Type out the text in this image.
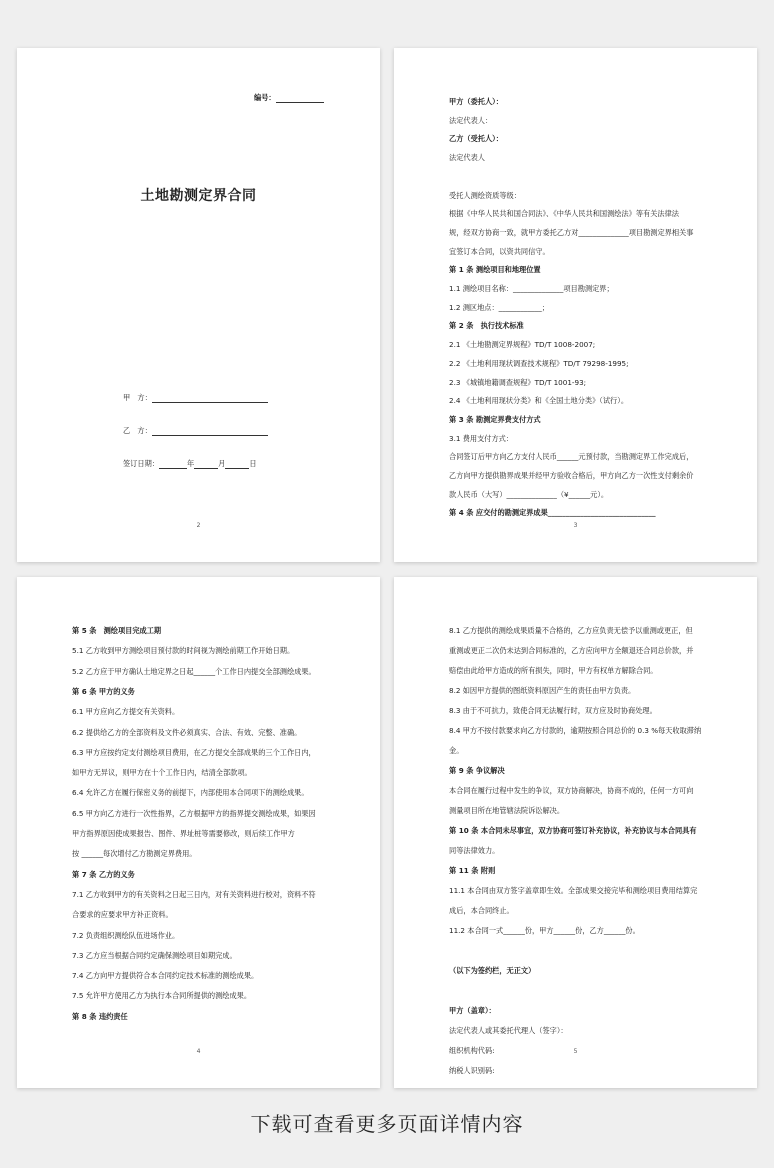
编号：
土地勘测定界合同
甲　方：
乙　方：
签订日期：	年	月	日
2
甲方（委托人）：
法定代表人：
乙方（受托人）：
法定代表人
受托人测绘资质等级：
根据《中华人民共和国合同法》、《中华人民共和国测绘法》等有关法律法
规，经双方协商一致，就甲方委托乙方对______________项目勘测定界相关事
宜签订本合同，以资共同信守。
第 1 条 测绘项目和地理位置
1.1 测绘项目名称：______________项目勘测定界；
1.2 测区地点：____________；
第 2 条　执行技术标准
2.1 《土地勘测定界规程》TD/T 1008-2007;
2.2 《土地利用现状调查技术规程》TD/T 79298-1995;
2.3 《城镇地籍调查规程》TD/T 1001-93;
2.4 《土地利用现状分类》和《全国土地分类》（试行）。
第 3 条 勘测定界费支付方式
3.1 费用支付方式：
合同签订后甲方向乙方支付人民币______元预付款，当勘测定界工作完成后，
乙方向甲方提供勘界成果并经甲方验收合格后，甲方向乙方一次性支付剩余价
款人民币（大写）______________（¥______元）。
第 4 条 应交付的勘测定界成果______________________________
3
第 5 条　测绘项目完成工期
5.1 乙方收到甲方测绘项目预付款的时间视为测绘前期工作开始日期。
5.2 乙方应于甲方确认土地定界之日起______个工作日内提交全部测绘成果。
第 6 条 甲方的义务
6.1 甲方应向乙方提交有关资料。
6.2 提供给乙方的全部资料及文件必须真实、合法、有效、完整、准确。
6.3 甲方应按约定支付测绘项目费用，在乙方提交全部成果的三个工作日内，
如甲方无异议，则甲方在十个工作日内，结清全部款项。
6.4 允许乙方在履行保密义务的前提下，内部使用本合同项下的测绘成果。
6.5 甲方向乙方进行一次性指界，乙方根据甲方的指界提交测绘成果，如果因
甲方指界原因使成果报告、图件、界址桩等需要修改，则后续工作甲方
按 ______每次增付乙方勘测定界费用。
第 7 条 乙方的义务
7.1 乙方收到甲方的有关资料之日起三日内，对有关资料进行校对，资料不符
合要求的应要求甲方补正资料。
7.2 负责组织测绘队伍进场作业。
7.3 乙方应当根据合同约定确保测绘项目如期完成。
7.4 乙方向甲方提供符合本合同约定技术标准的测绘成果。
7.5 允许甲方使用乙方为执行本合同所提供的测绘成果。
第 8 条 违约责任
4
8.1 乙方提供的测绘成果质量不合格的，乙方应负责无偿予以重测或更正，但
重测或更正二次仍未达到合同标准的，乙方应向甲方全额退还合同总价款，并
赔偿由此给甲方造成的所有损失，同时，甲方有权单方解除合同。
8.2 如因甲方提供的图纸资料原因产生的责任由甲方负责。
8.3 由于不可抗力，致使合同无法履行时，双方应及时协商处理。
8.4 甲方不按付款要求向乙方付款的，逾期按照合同总价的 0.3 %每天收取滞纳
金。
第 9 条 争议解决
本合同在履行过程中发生的争议，双方协商解决，协商不成的，任何一方可向
测量项目所在地管辖法院诉讼解决。
第 10 条 本合同未尽事宜，双方协商可签订补充协议，补充协议与本合同具有
同等法律效力。
第 11 条 附则
11.1 本合同由双方签字盖章即生效。全部成果交接完毕和测绘项目费用结算完
成后，本合同终止。
11.2 本合同一式______份，甲方______份，乙方______份。
（以下为签约栏，无正文）
甲方（盖章）：
法定代表人或其委托代理人（签字）：
组织机构代码:
纳税人识别码:
5
下载可查看更多页面详情内容
